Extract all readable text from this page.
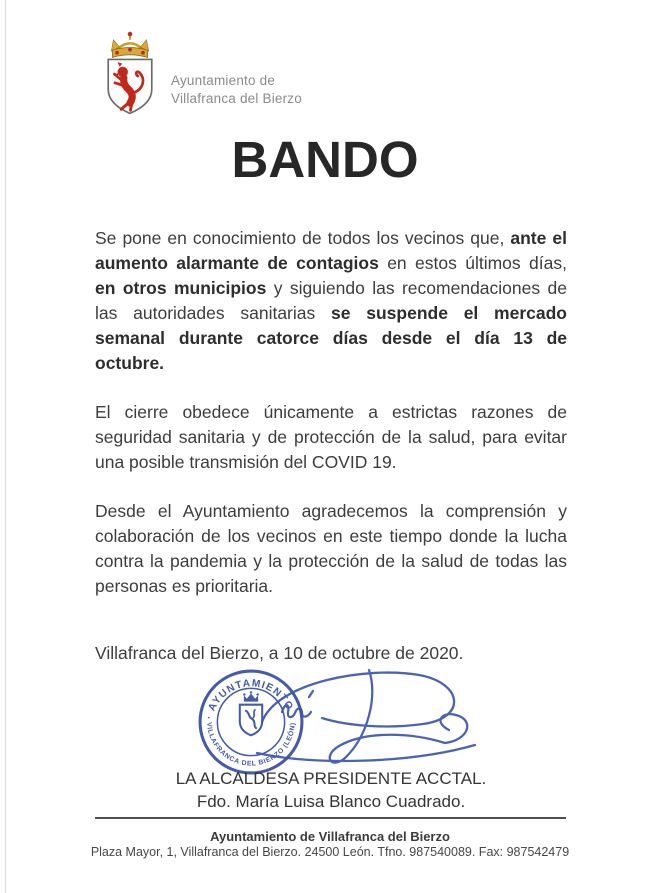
Ayuntamiento de
Villafranca del Bierzo
BANDO

Se pone en conocimiento de todos los vecinos que, ante el aumento alarmante de contagios en estos últimos días, en otros municipios y siguiendo las recomendaciones de las autoridades sanitarias se suspende el mercado semanal durante catorce días desde el día 13 de octubre.

El cierre obedece únicamente a estrictas razones de seguridad sanitaria y de protección de la salud, para evitar una posible transmisión del COVID 19.

Desde el Ayuntamiento agradecemos la comprensión y colaboración de los vecinos en este tiempo donde la lucha contra la pandemia y la protección de la salud de todas las personas es prioritaria.

Villafranca del Bierzo, a 10 de octubre de 2020.

· AYUNTAMIENTO ·
VILLAFRANCA DEL BIERZO (LEÓN)
LA ALCALDESA PRESIDENTE ACCTAL.
Fdo. María Luisa Blanco Cuadrado.
Ayuntamiento de Villafranca del Bierzo
Plaza Mayor, 1, Villafranca del Bierzo. 24500 León. Tfno. 987540089. Fax: 987542479
